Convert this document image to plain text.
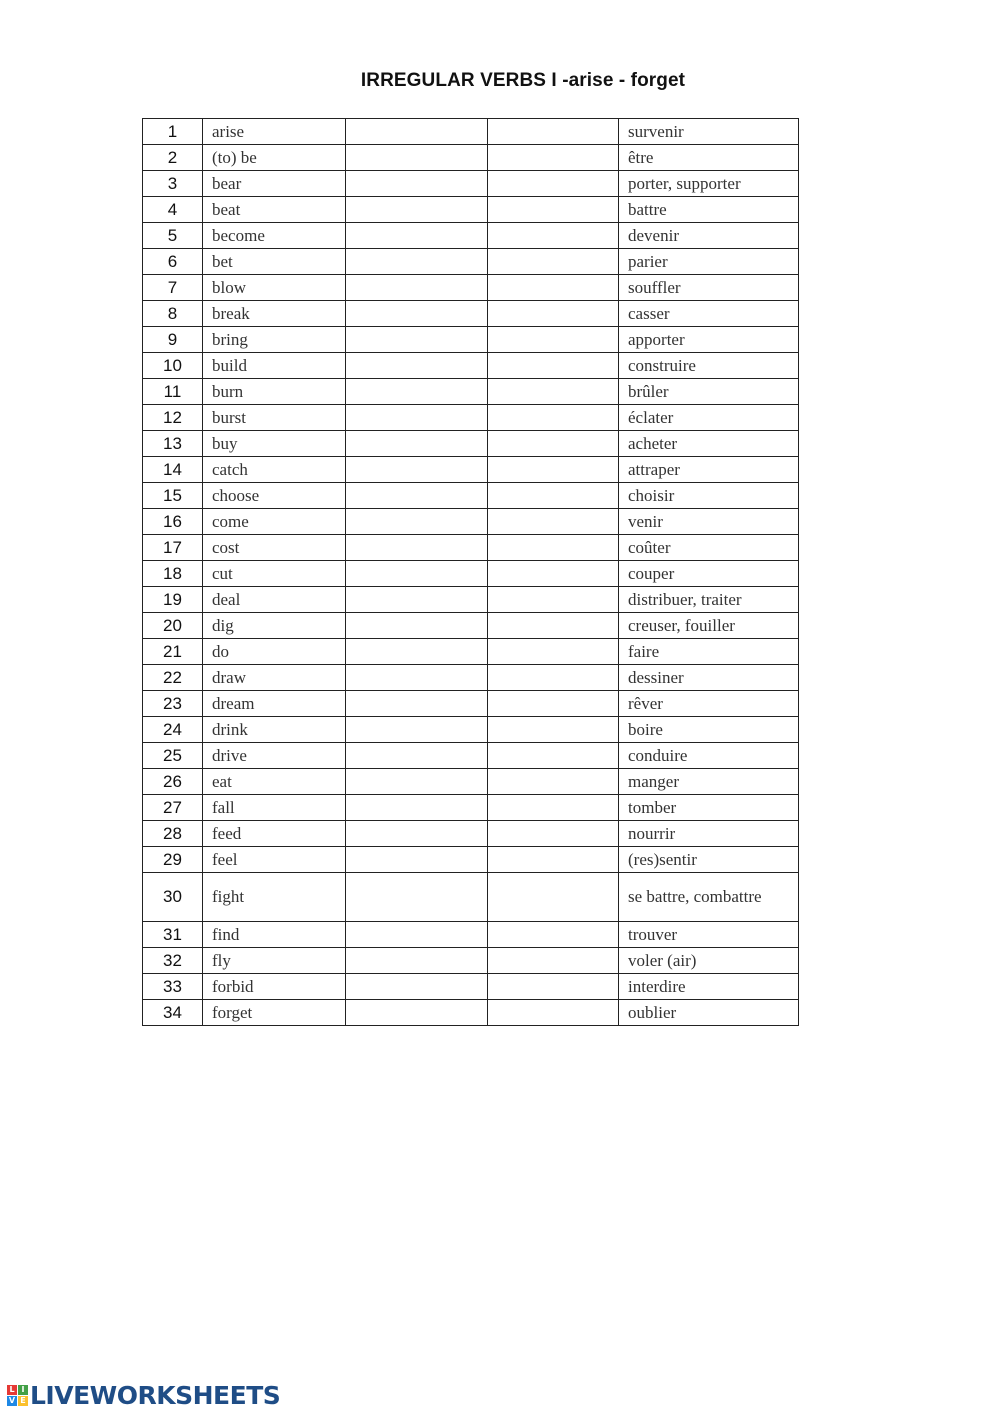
IRREGULAR VERBS I -arise - forget
1	arise			survenir
2	(to) be			être
3	bear			porter, supporter
4	beat			battre
5	become			devenir
6	bet			parier
7	blow			souffler
8	break			casser
9	bring			apporter
10	build			construire
11	burn			brûler
12	burst			éclater
13	buy			acheter
14	catch			attraper
15	choose			choisir
16	come			venir
17	cost			coûter
18	cut			couper
19	deal			distribuer, traiter
20	dig			creuser, fouiller
21	do			faire
22	draw			dessiner
23	dream			rêver
24	drink			boire
25	drive			conduire
26	eat			manger
27	fall			tomber
28	feed			nourrir
29	feel			(res)sentir
30	fight			se battre, combattre
31	find			trouver
32	fly			voler (air)
33	forbid			interdire
34	forget			oublier
L I
V E LIVEWORKSHEETS
